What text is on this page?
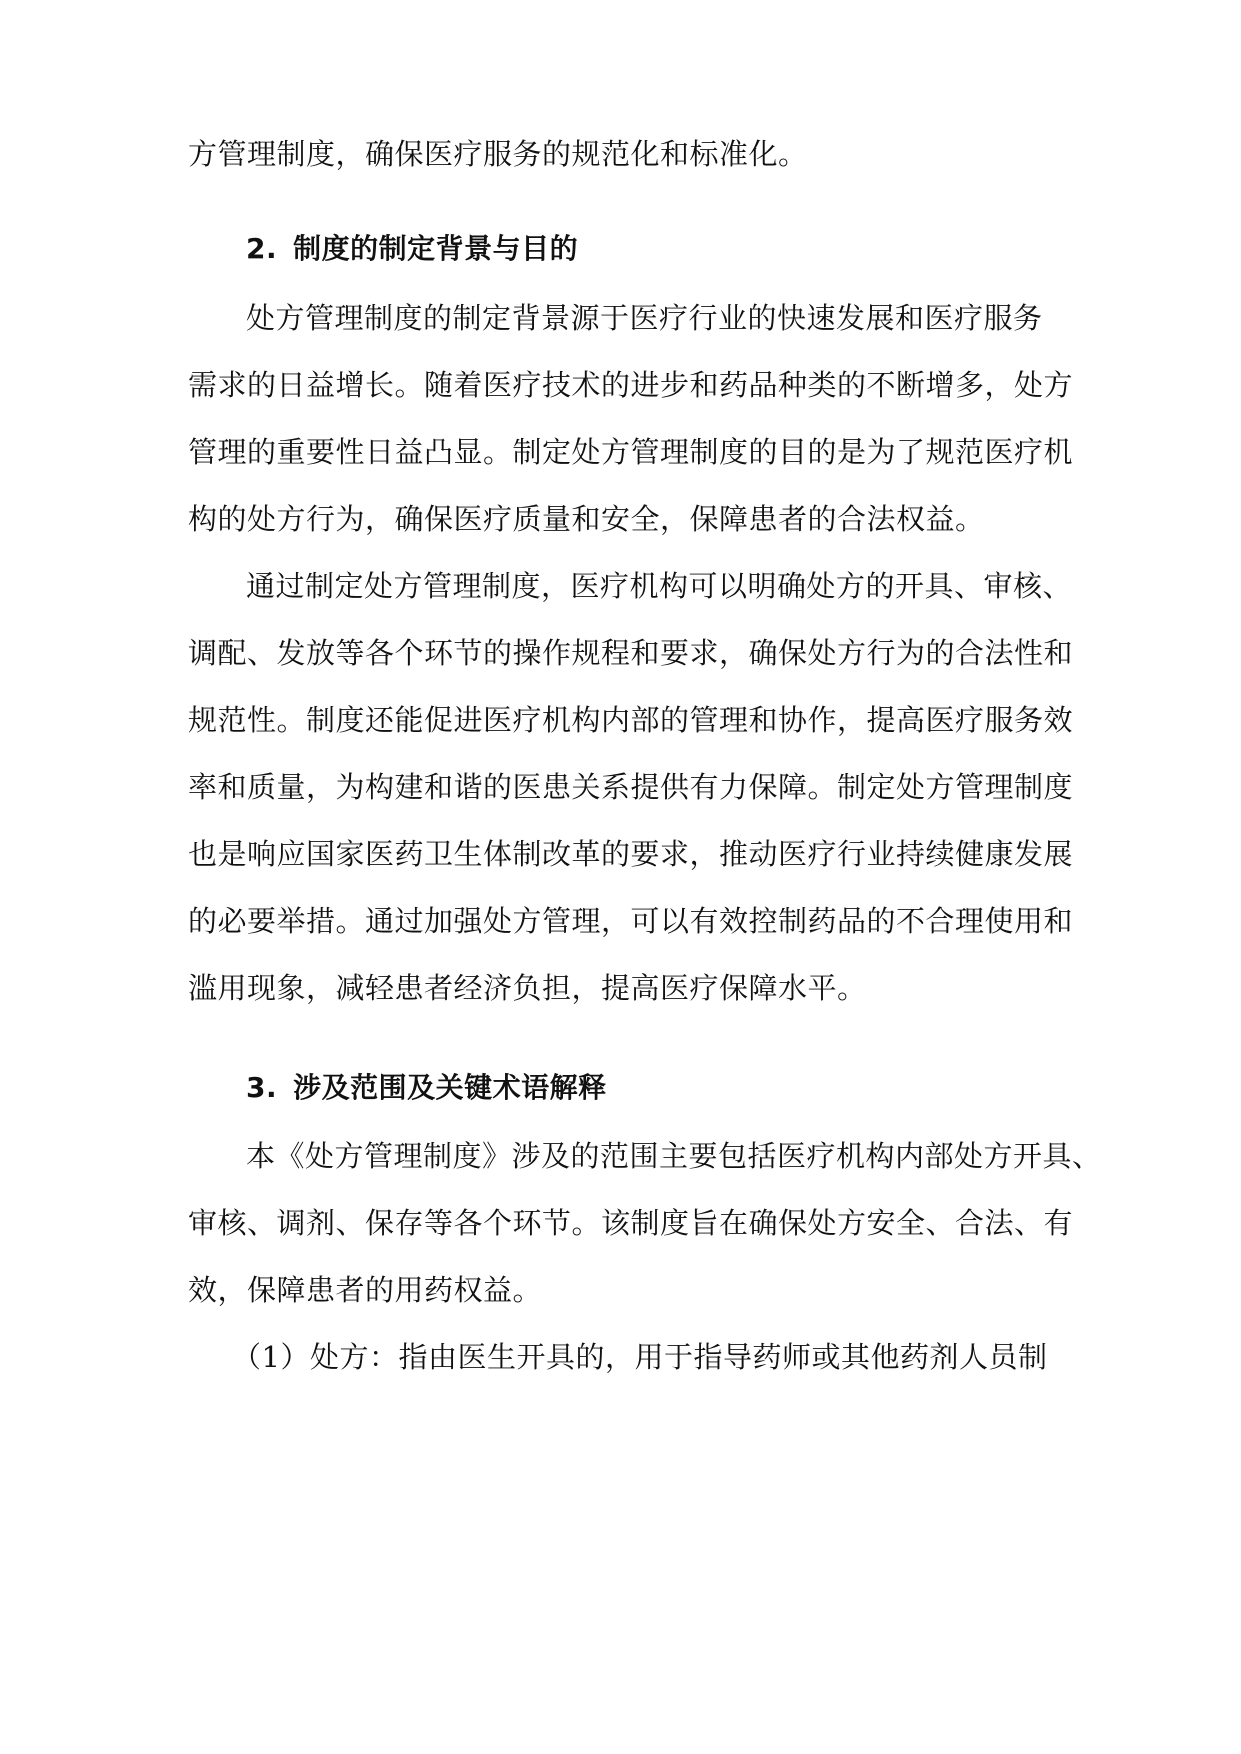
方管理制度，确保医疗服务的规范化和标准化。
2. 制度的制定背景与目的
处方管理制度的制定背景源于医疗行业的快速发展和医疗服务
需求的日益增长。随着医疗技术的进步和药品种类的不断增多，处方
管理的重要性日益凸显。制定处方管理制度的目的是为了规范医疗机
构的处方行为，确保医疗质量和安全，保障患者的合法权益。
通过制定处方管理制度，医疗机构可以明确处方的开具、审核、
调配、发放等各个环节的操作规程和要求，确保处方行为的合法性和
规范性。制度还能促进医疗机构内部的管理和协作，提高医疗服务效
率和质量，为构建和谐的医患关系提供有力保障。制定处方管理制度
也是响应国家医药卫生体制改革的要求，推动医疗行业持续健康发展
的必要举措。通过加强处方管理，可以有效控制药品的不合理使用和
滥用现象，减轻患者经济负担，提高医疗保障水平。
3. 涉及范围及关键术语解释
本《处方管理制度》涉及的范围主要包括医疗机构内部处方开具、
审核、调剂、保存等各个环节。该制度旨在确保处方安全、合法、有
效，保障患者的用药权益。
（1）处方：指由医生开具的，用于指导药师或其他药剂人员制
